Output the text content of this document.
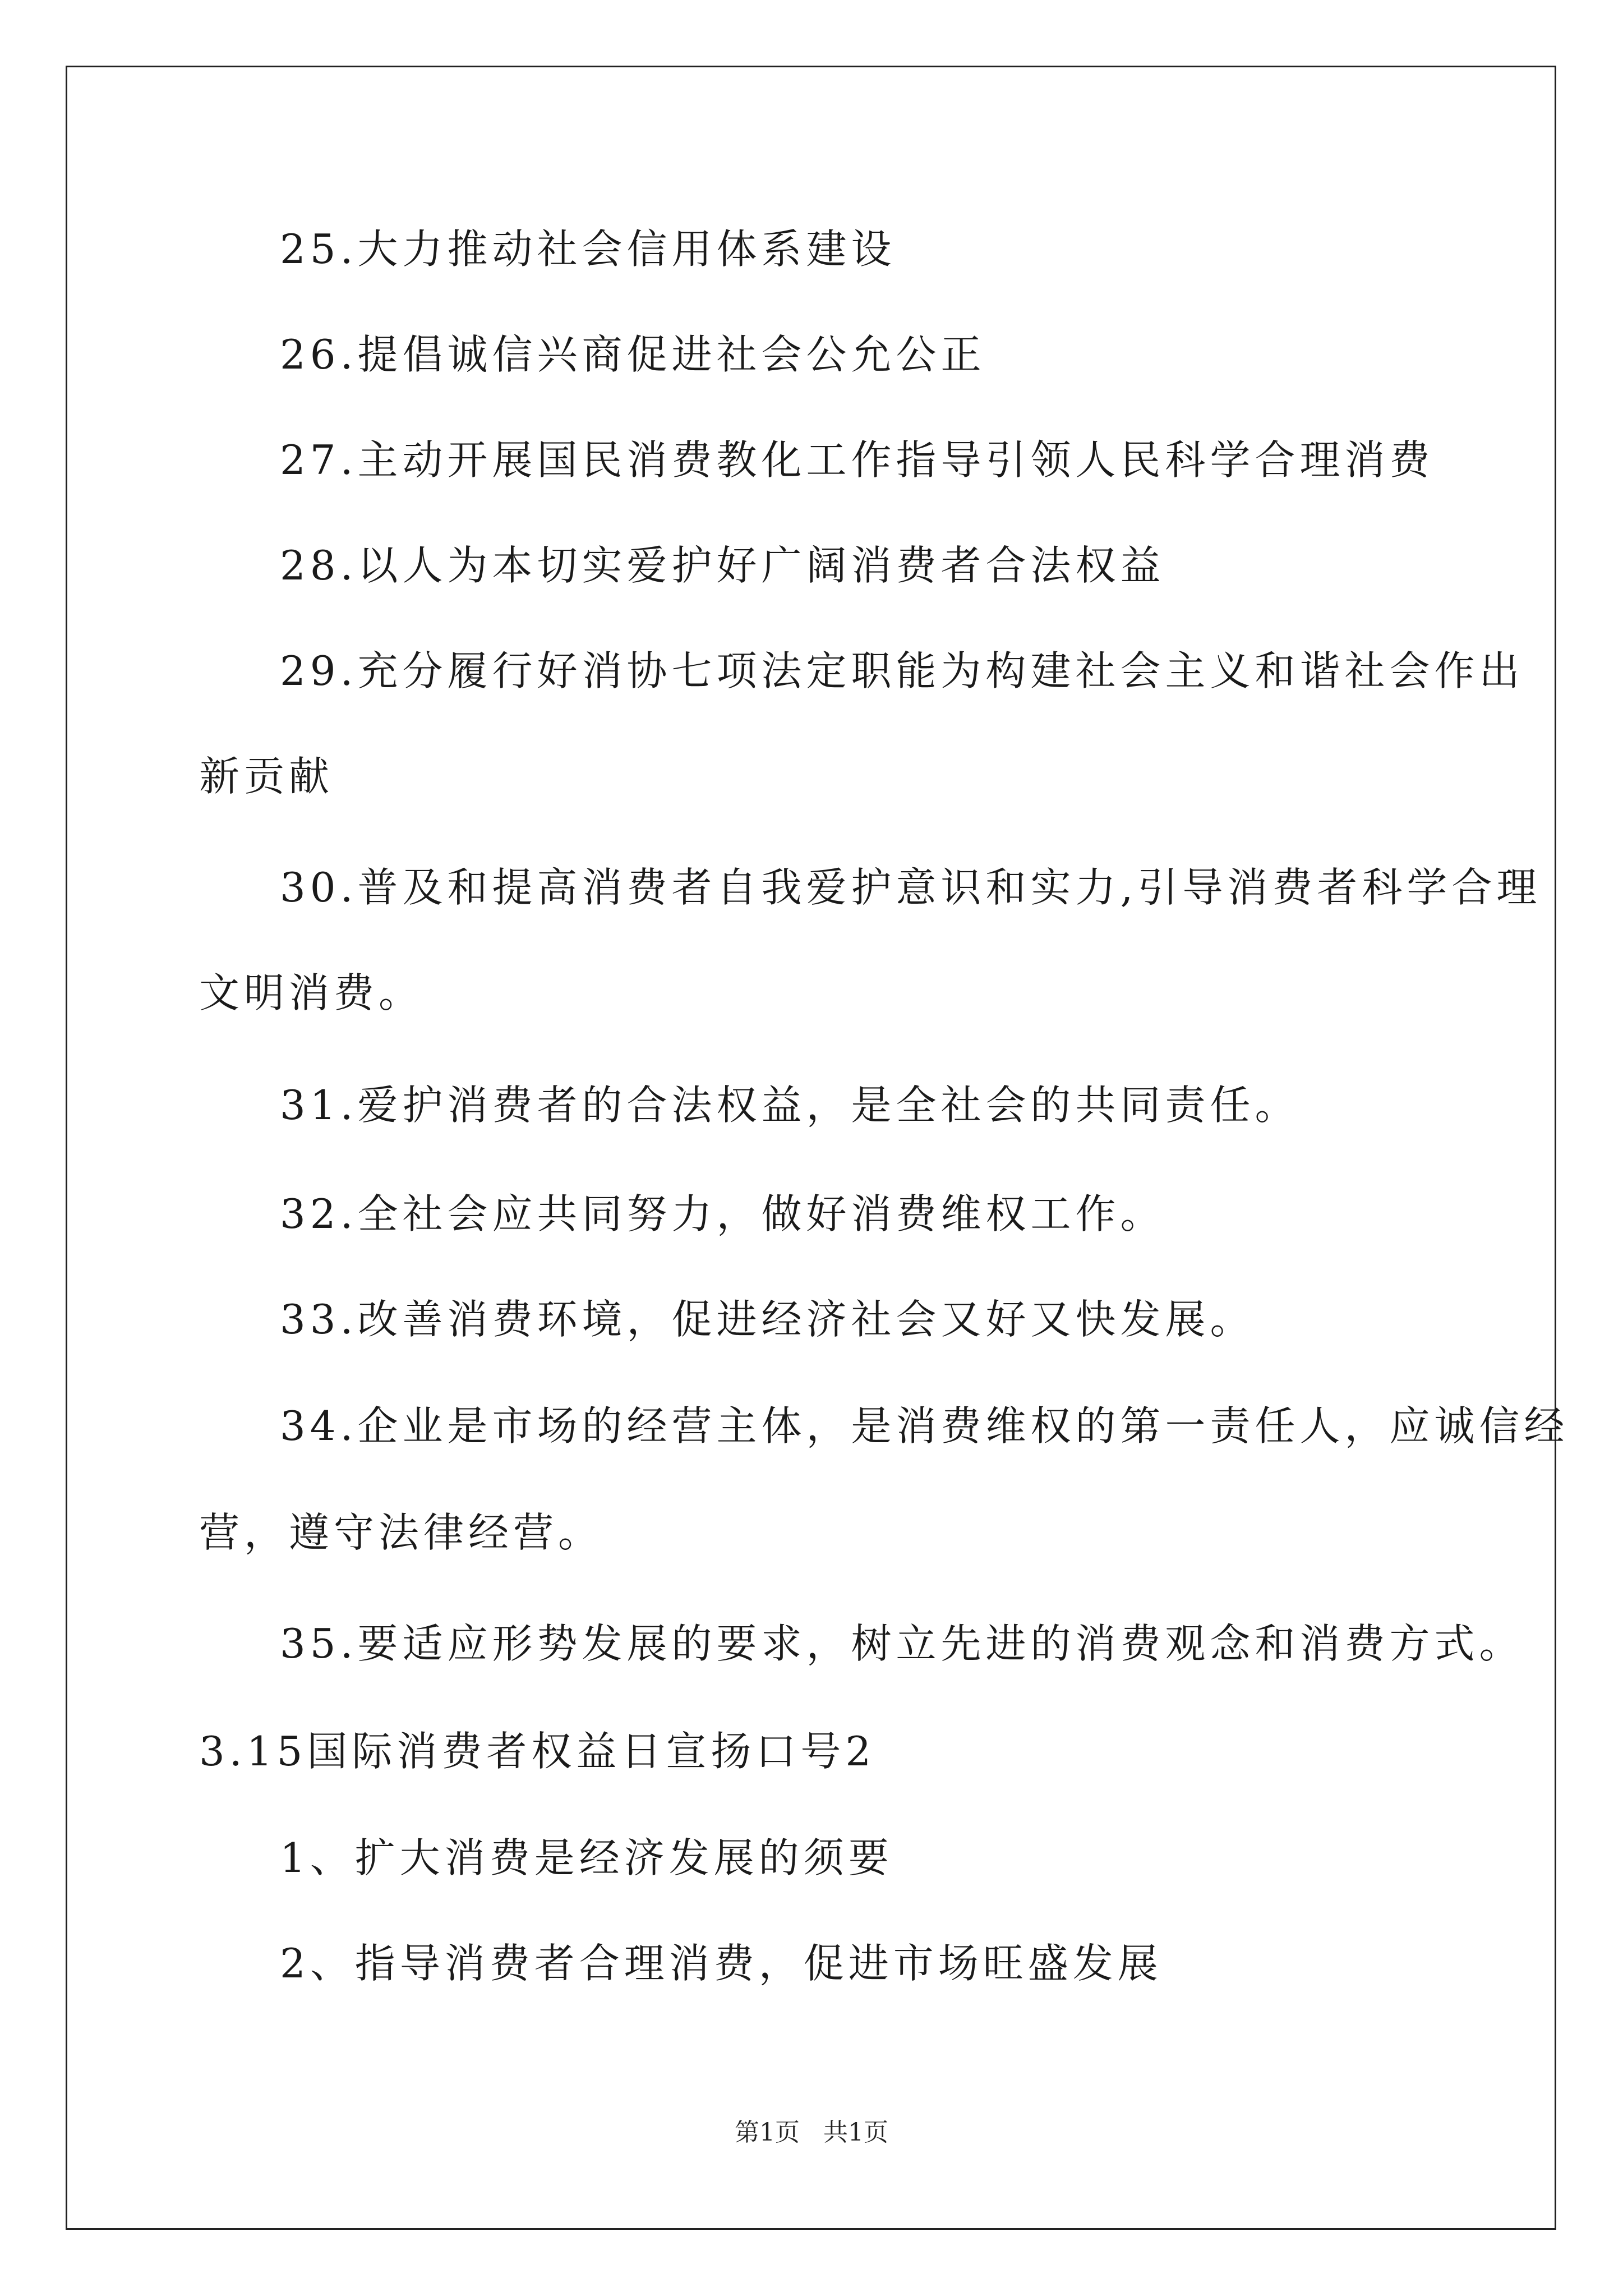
25.大力推动社会信用体系建设
26.提倡诚信兴商促进社会公允公正
27.主动开展国民消费教化工作指导引领人民科学合理消费
28.以人为本切实爱护好广阔消费者合法权益
29.充分履行好消协七项法定职能为构建社会主义和谐社会作出
新贡献
30.普及和提高消费者自我爱护意识和实力,引导消费者科学合理
文明消费。
31.爱护消费者的合法权益，是全社会的共同责任。
32.全社会应共同努力，做好消费维权工作。
33.改善消费环境，促进经济社会又好又快发展。
34.企业是市场的经营主体，是消费维权的第一责任人，应诚信经
营，遵守法律经营。
35.要适应形势发展的要求，树立先进的消费观念和消费方式。
3.15国际消费者权益日宣扬口号2
1、扩大消费是经济发展的须要
2、指导消费者合理消费，促进市场旺盛发展
第1页 共1页
